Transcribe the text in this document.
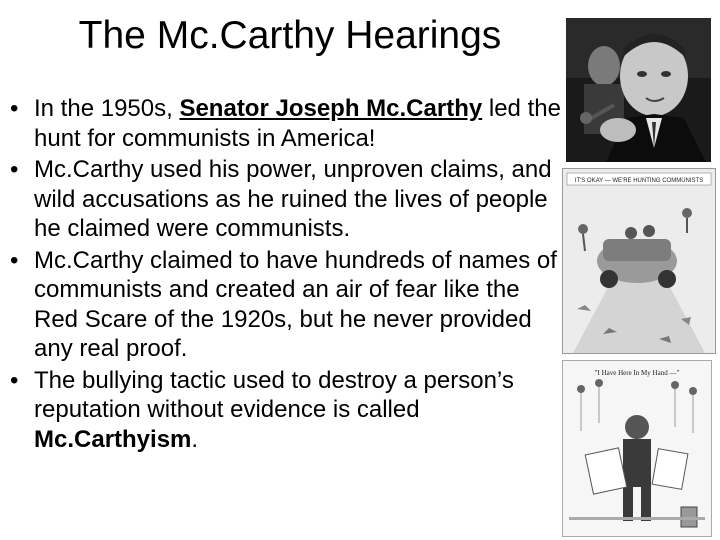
The Mc.Carthy Hearings
• In the 1950s, Senator Joseph Mc.Carthy led the hunt for communists in America!
• Mc.Carthy used his power, unproven claims, and wild accusations as he ruined the lives of people he claimed were communists.
• Mc.Carthy claimed to have hundreds of names of communists and created an air of fear like the Red Scare of the 1920s, but he never provided any real proof.
• The bullying tactic used to destroy a person’s reputation without evidence is called Mc.Carthyism.
IT'S OKAY — WE'RE HUNTING COMMUNISTS
"I Have Here In My Hand —"
